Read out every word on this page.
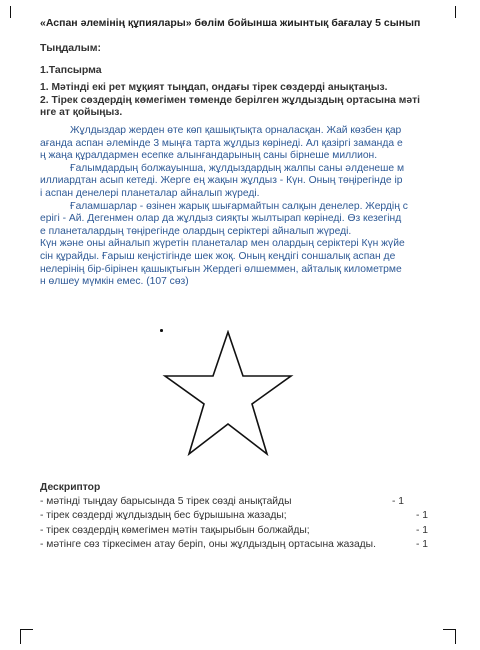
«Аспан әлемінің құпиялары» бөлім бойынша жиынтық бағалау 5 сынып
Тыңдалым:
1.Тапсырма
1. Мәтінді екі рет мұқият тыңдап, ондағы тірек сөздерді анықтаңыз.
2. Тірек сөздердің көмегімен төменде берілген жұлдыздың ортасына мәті
нге ат қойыңыз.
Жұлдыздар жерден өте көп қашықтықта орналасқан. Жай көзбен қар
ағанда аспан әлемінде 3 мыңға тарта жұлдыз көрінеді. Ал қазіргі заманда е
ң жаңа құралдармен есепке алынғандарының саны бірнеше миллион.
Ғалымдардың болжауынша, жұлдыздардың жалпы саны әлденеше м
иллиардтан асып кетеді. Жерге ең жақын жұлдыз - Күн. Оның төңірегінде ір
і аспан денелері планеталар айналып жүреді.
Ғаламшарлар - өзінен жарық шығармайтын салқын денелер. Жердің с
ерігі - Ай. Дегенмен олар да жұлдыз сияқты жылтырап көрінеді. Өз кезегінд
е планеталардың төңірегінде олардың серіктері айналып жүреді.
Күн және оны айналып жүретін планеталар мен олардың серіктері Күн жүйе
сін құрайды. Ғарыш кеңістігінде шек жоқ. Оның кеңдігі соншалық аспан де
нелерінің бір-бірінен қашықтығын Жердегі өлшеммен, айталық километрме
н өлшеу мүмкін емес. (107 сөз)
Дескриптор
- мәтінді тыңдау барысында 5 тірек сөзді анықтайды	- 1
- тірек сөздерді жұлдыздың бес бұрышына жазады;	- 1
- тірек сөздердің көмегімен мәтін тақырыбын болжайды;	- 1
- мәтінге сөз тіркесімен атау беріп, оны жұлдыздың ортасына жазады.	- 1
